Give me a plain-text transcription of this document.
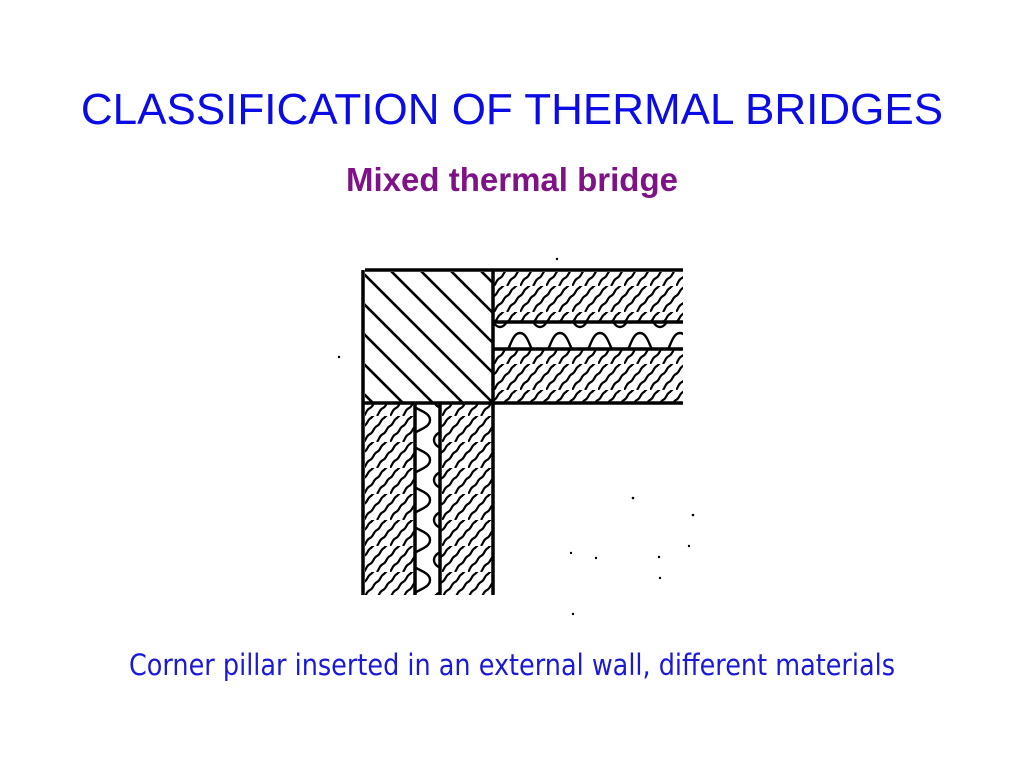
CLASSIFICATION OF THERMAL BRIDGES
Mixed thermal bridge
Corner pillar inserted in an external wall, different materials
